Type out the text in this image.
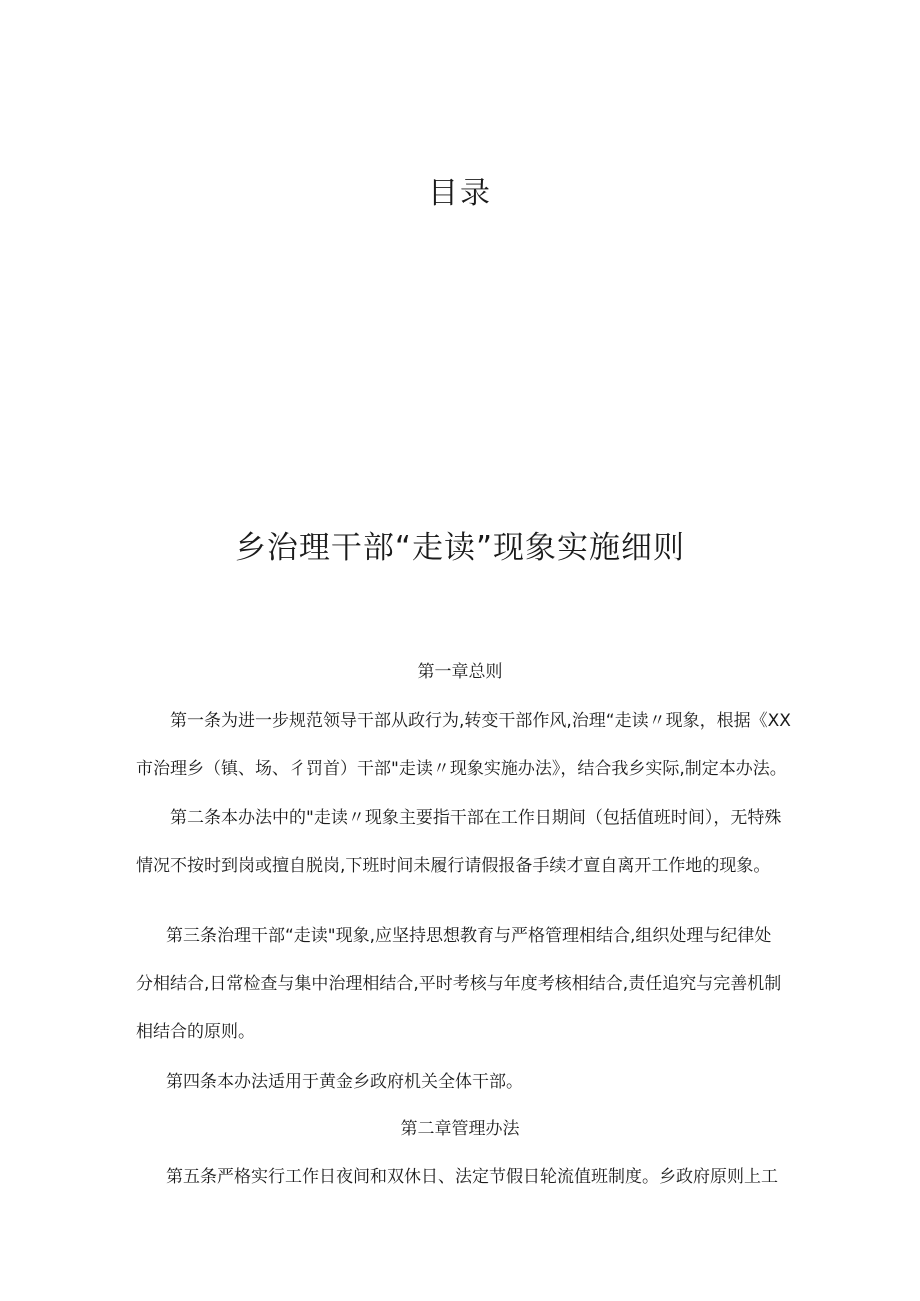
目录
乡治理干部“走读”现象实施细则
第一章总则
第一条为进一步规范领导干部从政行为,转变干部作风,治理“走读〃现象，根据《XX
市治理乡（镇、场、彳罚首）干部"走读〃现象实施办法》，结合我乡实际,制定本办法。
第二条本办法中的"走读〃现象主要指干部在工作日期间（包括值班时间），无特殊
情况不按时到岗或擅自脱岗,下班时间未履行请假报备手续才亶自离开工作地的现象。
第三条治理干部“走读"现象,应坚持思想教育与严格管理相结合,组织处理与纪律处
分相结合,日常检查与集中治理相结合,平时考核与年度考核相结合,责任追究与完善机制
相结合的原则。
第四条本办法适用于黄金乡政府机关全体干部。
第二章管理办法
第五条严格实行工作日夜间和双休日、法定节假日轮流值班制度。乡政府原则上工
